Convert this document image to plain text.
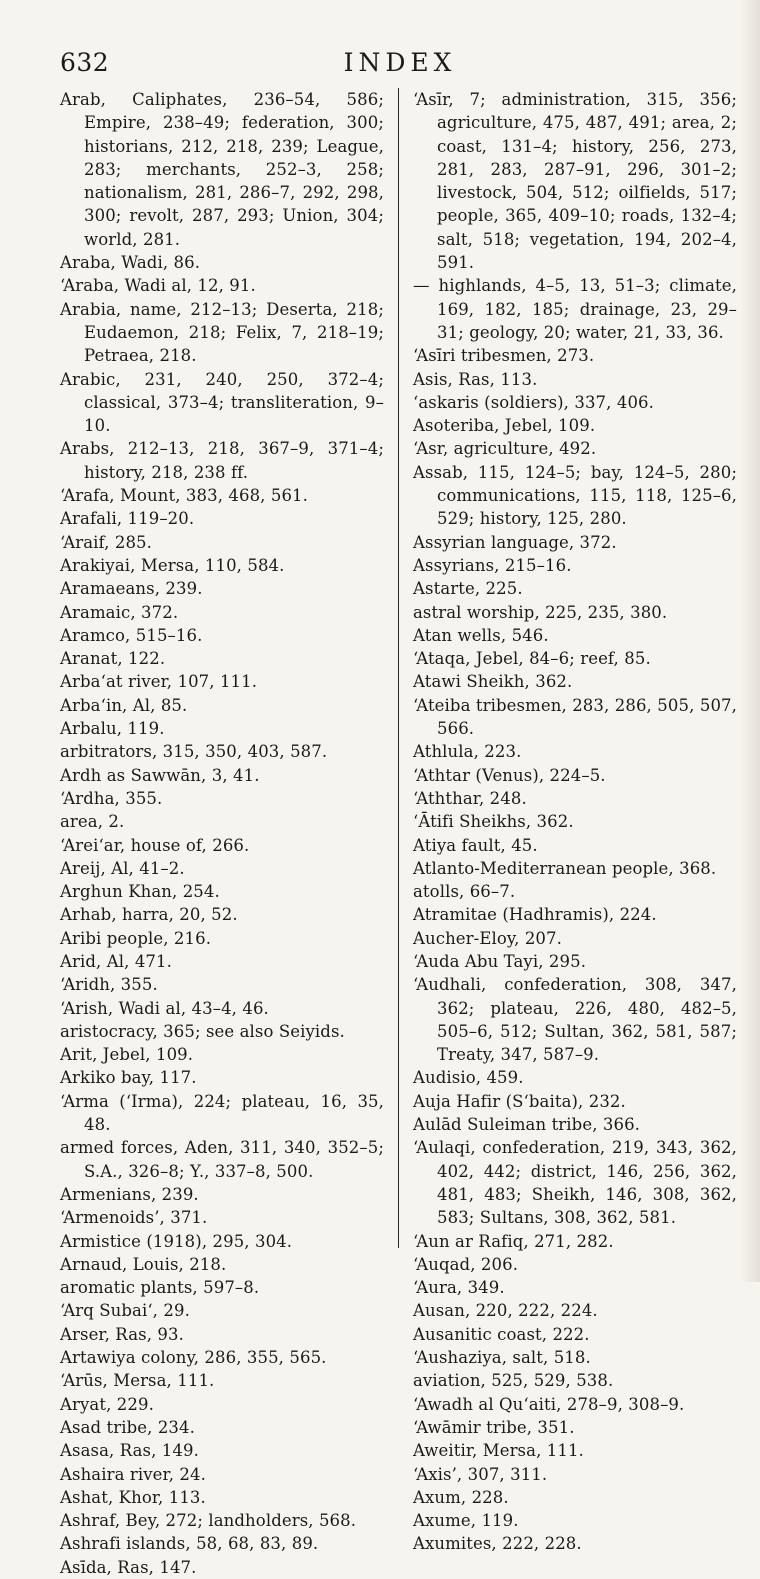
632	INDEX
Arab, Caliphates, 236–54, 586; Empire, 238–49; federation, 300; historians, 212, 218, 239; League, 283; merchants, 252–3, 258; nationalism, 281, 286–7, 292, 298, 300; revolt, 287, 293; Union, 304; world, 281.
Araba, Wadi, 86.
‘Araba, Wadi al, 12, 91.
Arabia, name, 212–13; Deserta, 218; Eudaemon, 218; Felix, 7, 218–19; Petraea, 218.
Arabic, 231, 240, 250, 372–4; classical, 373–4; transliteration, 9–10.
Arabs, 212–13, 218, 367–9, 371–4; history, 218, 238 ff.
‘Arafa, Mount, 383, 468, 561.
Arafali, 119–20.
‘Araif, 285.
Arakiyai, Mersa, 110, 584.
Aramaeans, 239.
Aramaic, 372.
Aramco, 515–16.
Aranat, 122.
Arba‘at river, 107, 111.
Arba‘in, Al, 85.
Arbalu, 119.
arbitrators, 315, 350, 403, 587.
Ardh as Sawwān, 3, 41.
‘Ardha, 355.
area, 2.
‘Arei‘ar, house of, 266.
Areij, Al, 41–2.
Arghun Khan, 254.
Arhab, harra, 20, 52.
Aribi people, 216.
Arid, Al, 471.
‘Aridh, 355.
‘Arish, Wadi al, 43–4, 46.
aristocracy, 365; see also Seiyids.
Arit, Jebel, 109.
Arkiko bay, 117.
‘Arma (‘Irma), 224; plateau, 16, 35, 48.
armed forces, Aden, 311, 340, 352–5; S.A., 326–8; Y., 337–8, 500.
Armenians, 239.
‘Armenoids’, 371.
Armistice (1918), 295, 304.
Arnaud, Louis, 218.
aromatic plants, 597–8.
‘Arq Subai‘, 29.
Arser, Ras, 93.
Artawiya colony, 286, 355, 565.
‘Arūs, Mersa, 111.
Aryat, 229.
Asad tribe, 234.
Asasa, Ras, 149.
Ashaira river, 24.
Ashat, Khor, 113.
Ashraf, Bey, 272; landholders, 568.
Ashrafi islands, 58, 68, 83, 89.
Asīda, Ras, 147.
‘Asīr, 7; administration, 315, 356; agriculture, 475, 487, 491; area, 2; coast, 131–4; history, 256, 273, 281, 283, 287–91, 296, 301–2; livestock, 504, 512; oilfields, 517; people, 365, 409–10; roads, 132–4; salt, 518; vegetation, 194, 202–4, 591.
— highlands, 4–5, 13, 51–3; climate, 169, 182, 185; drainage, 23, 29–31; geology, 20; water, 21, 33, 36.
‘Asīri tribesmen, 273.
Asis, Ras, 113.
‘askaris (soldiers), 337, 406.
Asoteriba, Jebel, 109.
‘Asr, agriculture, 492.
Assab, 115, 124–5; bay, 124–5, 280; communications, 115, 118, 125–6, 529; history, 125, 280.
Assyrian language, 372.
Assyrians, 215–16.
Astarte, 225.
astral worship, 225, 235, 380.
Atan wells, 546.
‘Ataqa, Jebel, 84–6; reef, 85.
Atawi Sheikh, 362.
‘Ateiba tribesmen, 283, 286, 505, 507, 566.
Athlula, 223.
‘Athtar (Venus), 224–5.
‘Aththar, 248.
‘Ātifi Sheikhs, 362.
Atiya fault, 45.
Atlanto-Mediterranean people, 368.
atolls, 66–7.
Atramitae (Hadhramis), 224.
Aucher-Eloy, 207.
‘Auda Abu Tayi, 295.
‘Audhali, confederation, 308, 347, 362; plateau, 226, 480, 482–5, 505–6, 512; Sultan, 362, 581, 587; Treaty, 347, 587–9.
Audisio, 459.
Auja Hafir (S‘baita), 232.
Aulād Suleiman tribe, 366.
‘Aulaqi, confederation, 219, 343, 362, 402, 442; district, 146, 256, 362, 481, 483; Sheikh, 146, 308, 362, 583; Sultans, 308, 362, 581.
‘Aun ar Rafiq, 271, 282.
‘Auqad, 206.
‘Aura, 349.
Ausan, 220, 222, 224.
Ausanitic coast, 222.
‘Aushaziya, salt, 518.
aviation, 525, 529, 538.
‘Awadh al Qu‘aiti, 278–9, 308–9.
‘Awāmir tribe, 351.
Aweitir, Mersa, 111.
‘Axis’, 307, 311.
Axum, 228.
Axume, 119.
Axumites, 222, 228.
